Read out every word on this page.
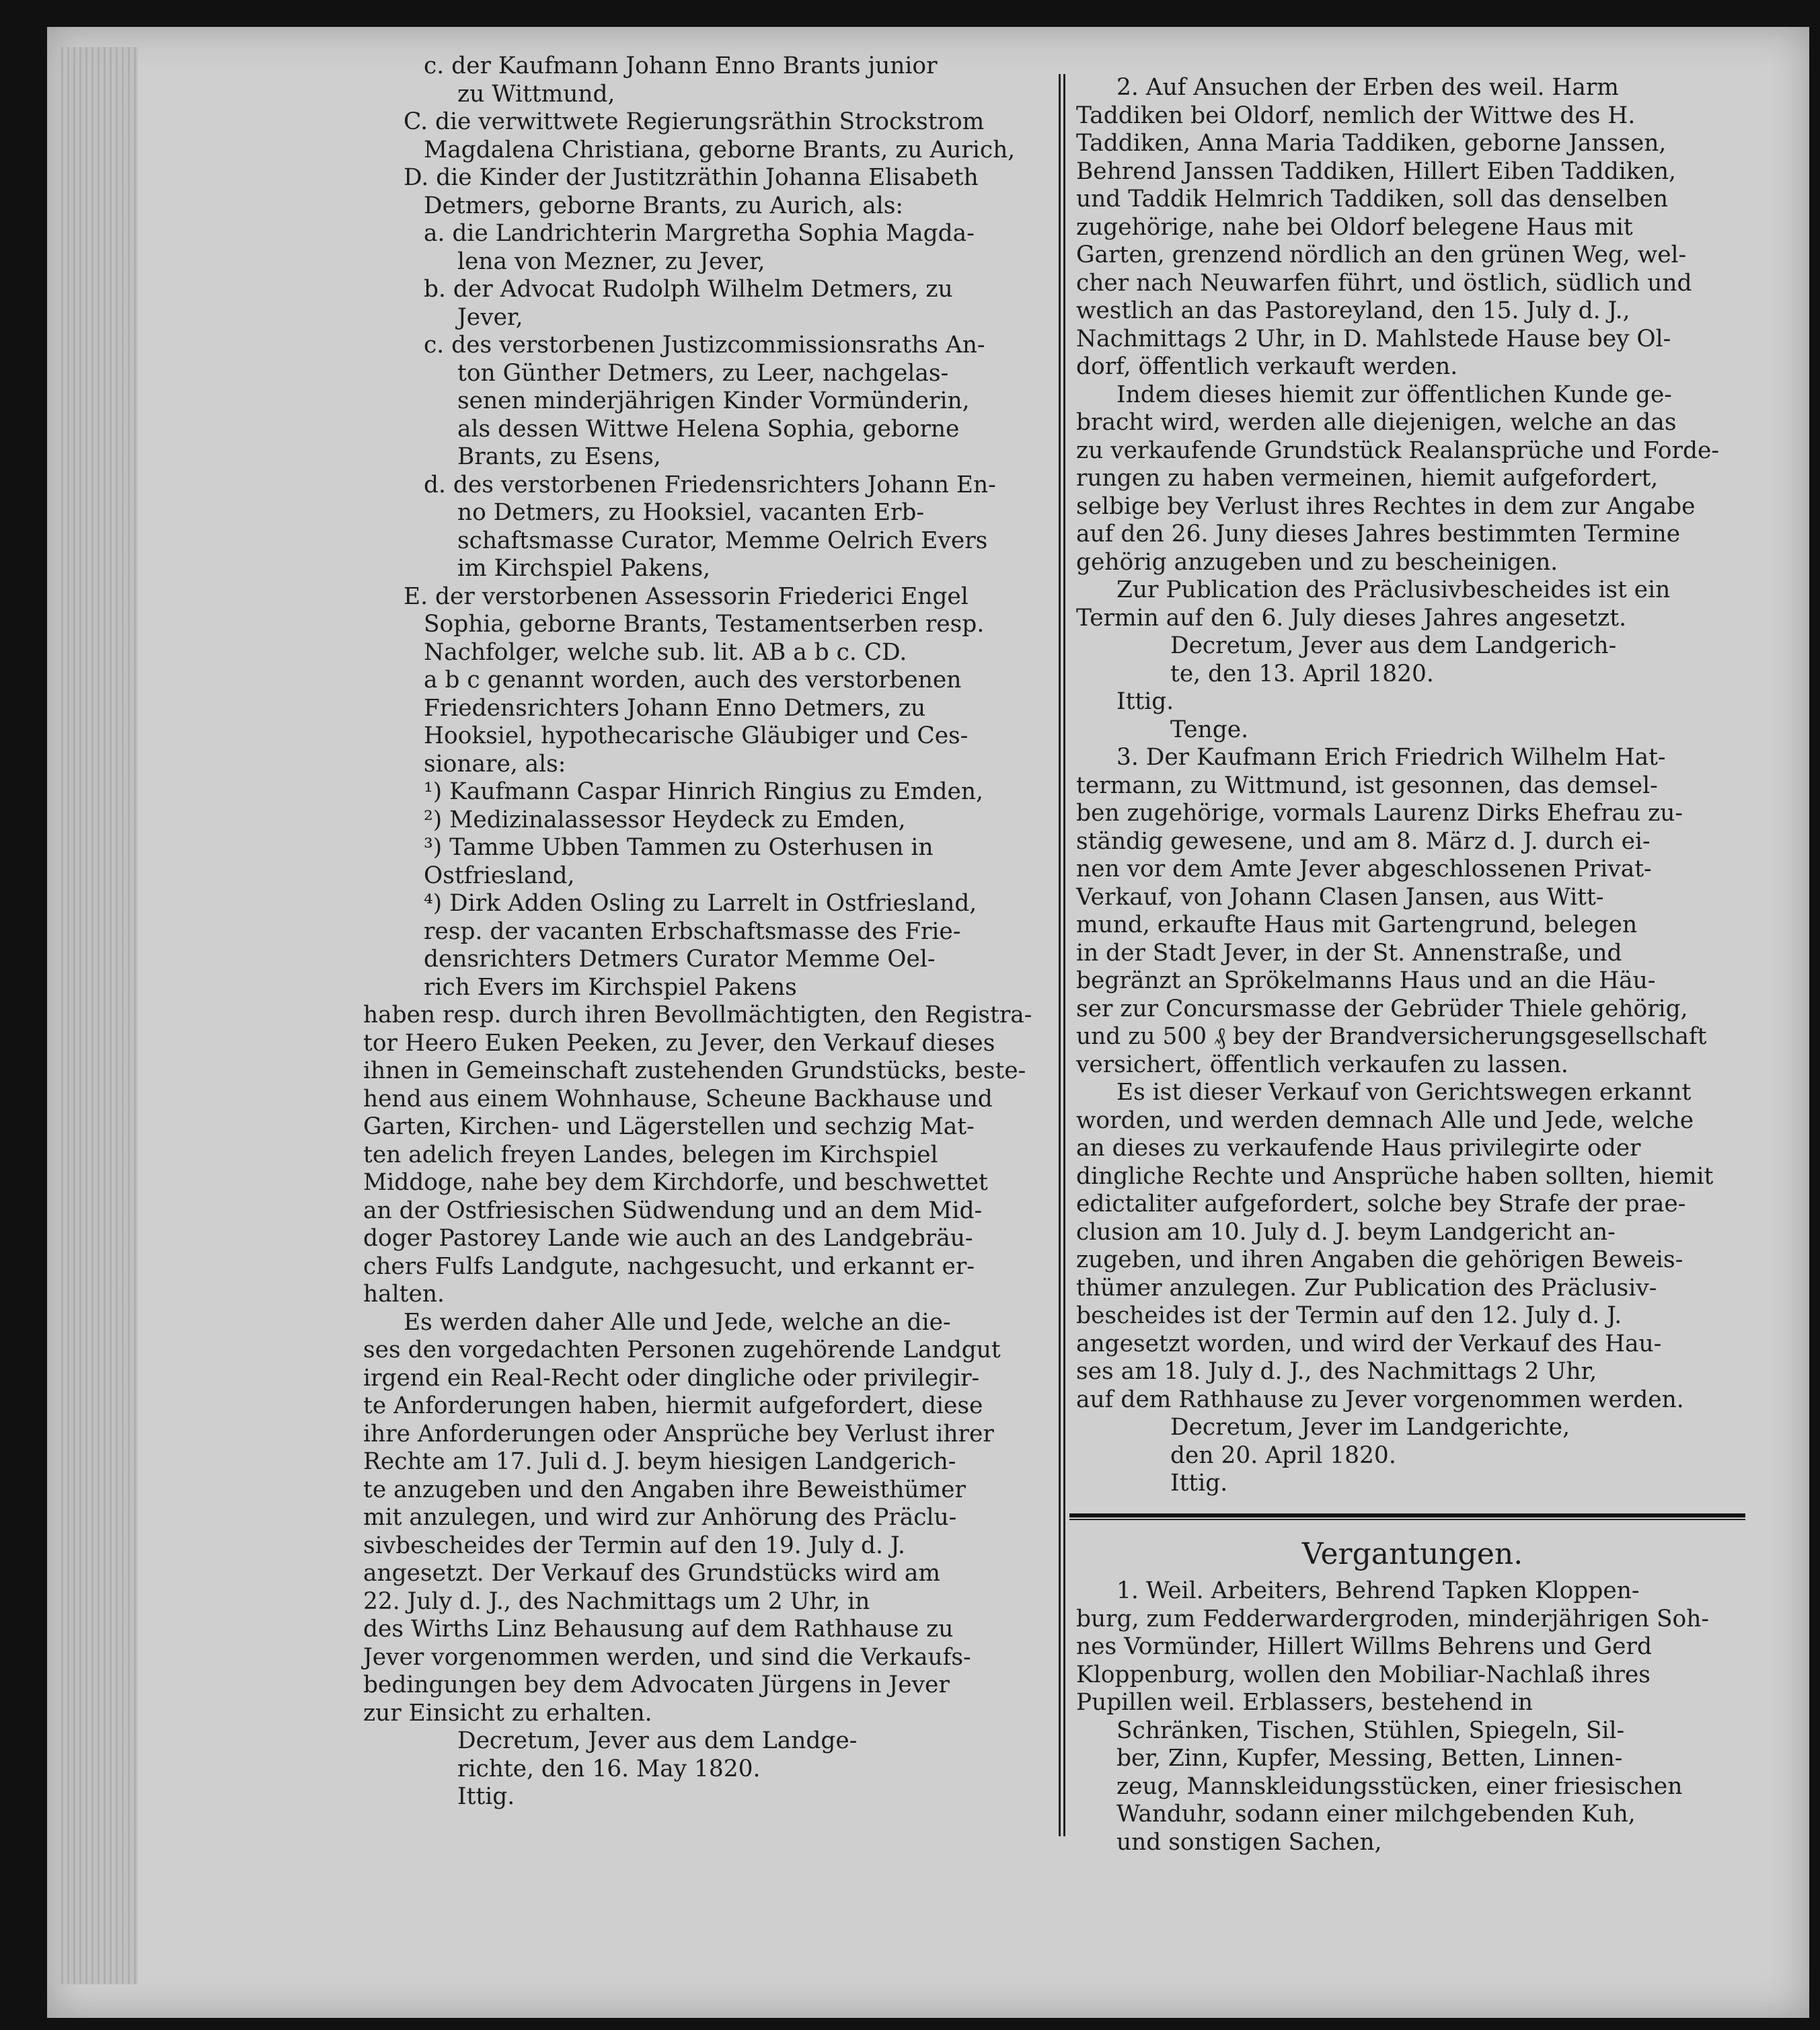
c. der Kaufmann Johann Enno Brants junior
zu Wittmund,
C. die verwittwete Regierungsräthin Strockstrom
Magdalena Christiana, geborne Brants, zu Aurich,
D. die Kinder der Justitzräthin Johanna Elisabeth
Detmers, geborne Brants, zu Aurich, als:
a. die Landrichterin Margretha Sophia Magda-
lena von Mezner, zu Jever,
b. der Advocat Rudolph Wilhelm Detmers, zu
Jever,
c. des verstorbenen Justizcommissionsraths An-
ton Günther Detmers, zu Leer, nachgelas-
senen minderjährigen Kinder Vormünderin,
als dessen Wittwe Helena Sophia, geborne
Brants, zu Esens,
d. des verstorbenen Friedensrichters Johann En-
no Detmers, zu Hooksiel, vacanten Erb-
schaftsmasse Curator, Memme Oelrich Evers
im Kirchspiel Pakens,
E. der verstorbenen Assessorin Friederici Engel
Sophia, geborne Brants, Testamentserben resp.
Nachfolger, welche sub. lit. AB a b c. CD.
a b c genannt worden, auch des verstorbenen
Friedensrichters Johann Enno Detmers, zu
Hooksiel, hypothecarische Gläubiger und Ces-
sionare, als:
¹) Kaufmann Caspar Hinrich Ringius zu Emden,
²) Medizinalassessor Heydeck zu Emden,
³) Tamme Ubben Tammen zu Osterhusen in
Ostfriesland,
⁴) Dirk Adden Osling zu Larrelt in Ostfriesland,
resp. der vacanten Erbschaftsmasse des Frie-
densrichters Detmers Curator Memme Oel-
rich Evers im Kirchspiel Pakens
haben resp. durch ihren Bevollmächtigten, den Registra-
tor Heero Euken Peeken, zu Jever, den Verkauf dieses
ihnen in Gemeinschaft zustehenden Grundstücks, beste-
hend aus einem Wohnhause, Scheune Backhause und
Garten, Kirchen- und Lägerstellen und sechzig Mat-
ten adelich freyen Landes, belegen im Kirchspiel
Middoge, nahe bey dem Kirchdorfe, und beschwettet
an der Ostfriesischen Südwendung und an dem Mid-
doger Pastorey Lande wie auch an des Landgebräu-
chers Fulfs Landgute, nachgesucht, und erkannt er-
halten.
Es werden daher Alle und Jede, welche an die-
ses den vorgedachten Personen zugehörende Landgut
irgend ein Real-Recht oder dingliche oder privilegir-
te Anforderungen haben, hiermit aufgefordert, diese
ihre Anforderungen oder Ansprüche bey Verlust ihrer
Rechte am 17. Juli d. J. beym hiesigen Landgerich-
te anzugeben und den Angaben ihre Beweisthümer
mit anzulegen, und wird zur Anhörung des Präclu-
sivbescheides der Termin auf den 19. July d. J.
angesetzt. Der Verkauf des Grundstücks wird am
22. July d. J., des Nachmittags um 2 Uhr, in
des Wirths Linz Behausung auf dem Rathhause zu
Jever vorgenommen werden, und sind die Verkaufs-
bedingungen bey dem Advocaten Jürgens in Jever
zur Einsicht zu erhalten.
Decretum, Jever aus dem Landge-
richte, den 16. May 1820.
Ittig.
2. Auf Ansuchen der Erben des weil. Harm
Taddiken bei Oldorf, nemlich der Wittwe des H.
Taddiken, Anna Maria Taddiken, geborne Janssen,
Behrend Janssen Taddiken, Hillert Eiben Taddiken,
und Taddik Helmrich Taddiken, soll das denselben
zugehörige, nahe bei Oldorf belegene Haus mit
Garten, grenzend nördlich an den grünen Weg, wel-
cher nach Neuwarfen führt, und östlich, südlich und
westlich an das Pastoreyland, den 15. July d. J.,
Nachmittags 2 Uhr, in D. Mahlstede Hause bey Ol-
dorf, öffentlich verkauft werden.
Indem dieses hiemit zur öffentlichen Kunde ge-
bracht wird, werden alle diejenigen, welche an das
zu verkaufende Grundstück Realansprüche und Forde-
rungen zu haben vermeinen, hiemit aufgefordert,
selbige bey Verlust ihres Rechtes in dem zur Angabe
auf den 26. Juny dieses Jahres bestimmten Termine
gehörig anzugeben und zu bescheinigen.
Zur Publication des Präclusivbescheides ist ein
Termin auf den 6. July dieses Jahres angesetzt.
Decretum, Jever aus dem Landgerich-
te, den 13. April 1820.
Ittig.
Tenge.
3. Der Kaufmann Erich Friedrich Wilhelm Hat-
termann, zu Wittmund, ist gesonnen, das demsel-
ben zugehörige, vormals Laurenz Dirks Ehefrau zu-
ständig gewesene, und am 8. März d. J. durch ei-
nen vor dem Amte Jever abgeschlossenen Privat-
Verkauf, von Johann Clasen Jansen, aus Witt-
mund, erkaufte Haus mit Gartengrund, belegen
in der Stadt Jever, in der St. Annenstraße, und
begränzt an Sprökelmanns Haus und an die Häu-
ser zur Concursmasse der Gebrüder Thiele gehörig,
und zu 500 ₰ bey der Brandversicherungsgesellschaft
versichert, öffentlich verkaufen zu lassen.
Es ist dieser Verkauf von Gerichtswegen erkannt
worden, und werden demnach Alle und Jede, welche
an dieses zu verkaufende Haus privilegirte oder
dingliche Rechte und Ansprüche haben sollten, hiemit
edictaliter aufgefordert, solche bey Strafe der prae-
clusion am 10. July d. J. beym Landgericht an-
zugeben, und ihren Angaben die gehörigen Beweis-
thümer anzulegen. Zur Publication des Präclusiv-
bescheides ist der Termin auf den 12. July d. J.
angesetzt worden, und wird der Verkauf des Hau-
ses am 18. July d. J., des Nachmittags 2 Uhr,
auf dem Rathhause zu Jever vorgenommen werden.
Decretum, Jever im Landgerichte,
den 20. April 1820.
Ittig.
Vergantungen.
1. Weil. Arbeiters, Behrend Tapken Kloppen-
burg, zum Fedderwardergroden, minderjährigen Soh-
nes Vormünder, Hillert Willms Behrens und Gerd
Kloppenburg, wollen den Mobiliar-Nachlaß ihres
Pupillen weil. Erblassers, bestehend in
Schränken, Tischen, Stühlen, Spiegeln, Sil-
ber, Zinn, Kupfer, Messing, Betten, Linnen-
zeug, Mannskleidungsstücken, einer friesischen
Wanduhr, sodann einer milchgebenden Kuh,
und sonstigen Sachen,
